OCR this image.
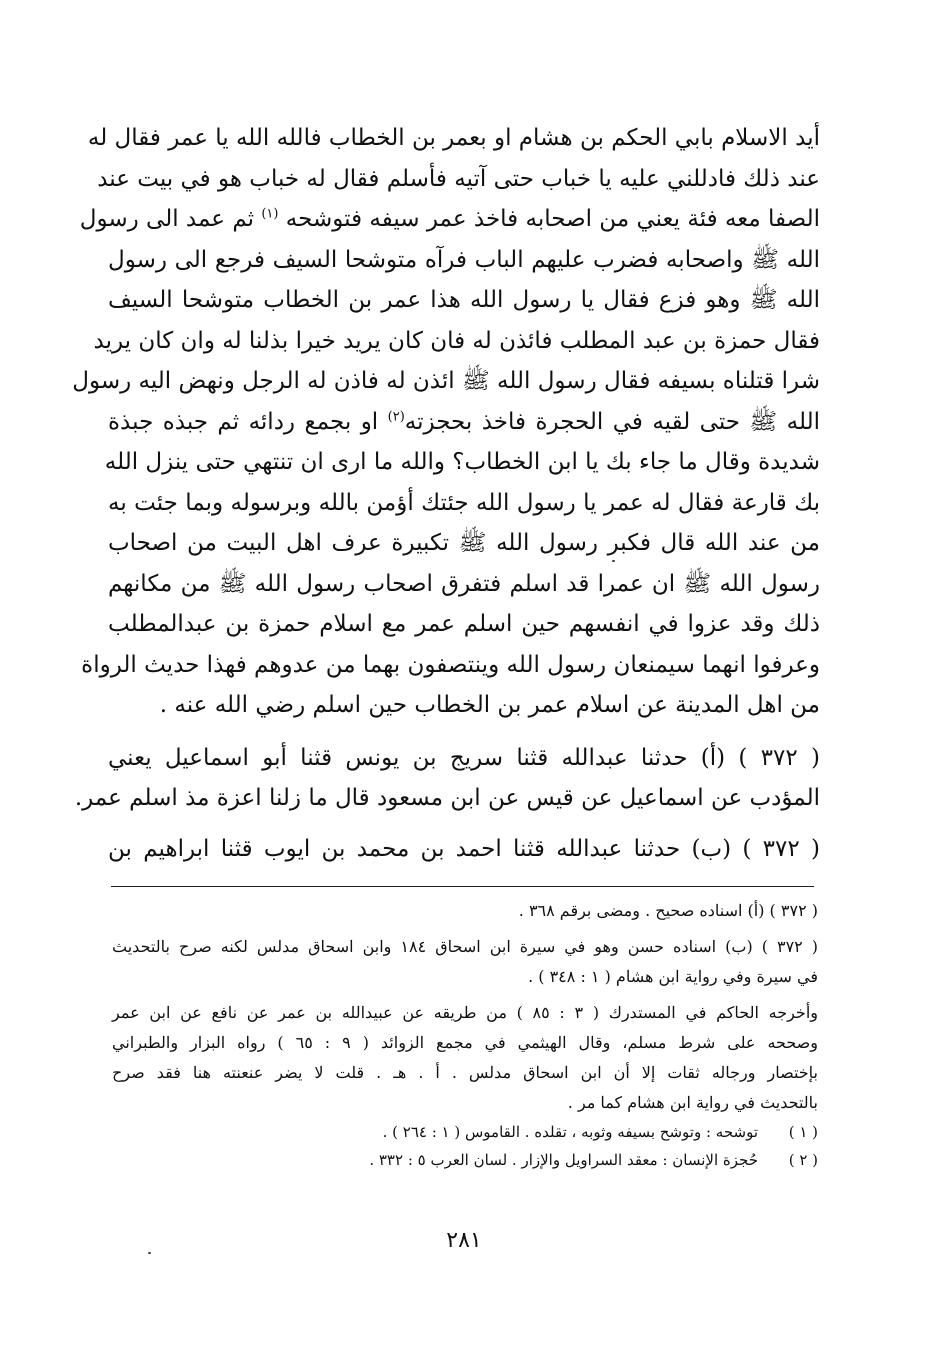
أيد الاسلام بابي الحكم بن هشام او بعمر بن الخطاب فالله الله يا عمر فقال له
عند ذلك فادللني عليه يا خباب حتى آتيه فأسلم فقال له خباب هو في بيت عند
الصفا معه فئة يعني من اصحابه فاخذ عمر سيفه فتوشحه $^{(١)}$ ثم عمد الى رسول
الله ﷺ واصحابه فضرب عليهم الباب فرآه متوشحا السيف فرجع الى رسول
الله ﷺ وهو فزع فقال يا رسول الله هذا عمر بن الخطاب متوشحا السيف
فقال حمزة بن عبد المطلب فائذن له فان كان يريد خيرا بذلنا له وان كان يريد
شرا قتلناه بسيفه فقال رسول الله ﷺ ائذن له فاذن له الرجل ونهض اليه رسول
الله ﷺ حتى لقيه في الحجرة فاخذ بحجزته$^{(٢)}$ او بجمع ردائه ثم جبذه جبذة
شديدة وقال ما جاء بك يا ابن الخطاب؟ والله ما ارى ان تنتهي حتى ينزل الله
بك قارعة فقال له عمر يا رسول الله جئتك أؤمن بالله وبرسوله وبما جئت به
من عند الله قال فكبر رسول الله ﷺ تكبيرة عرف اهل البيت من اصحاب
رسول الله ﷺ ان عمرا قد اسلم فتفرق اصحاب رسول الله ﷺ من مكانهم
ذلك وقد عزوا في انفسهم حين اسلم عمر مع اسلام حمزة بن عبدالمطلب
وعرفوا انهما سيمنعان رسول الله وينتصفون بهما من عدوهم فهذا حديث الرواة
من اهل المدينة عن اسلام عمر بن الخطاب حين اسلم رضي الله عنه .
( ٣٧٢ ) (أ) حدثنا عبدالله قثنا سريج بن يونس قثنا أبو اسماعيل يعني
المؤدب عن اسماعيل عن قيس عن ابن مسعود قال ما زلنا اعزة مذ اسلم عمر.
( ٣٧٢ ) (ب) حدثنا عبدالله قثنا احمد بن محمد بن ايوب قثنا ابراهيم بن
( ٣٧٢ ) (أ) اسناده صحيح . ومضى برقم ٣٦٨ .
( ٣٧٢ ) (ب) اسناده حسن وهو في سيرة ابن اسحاق ١٨٤ وابن اسحاق مدلس لكنه صرح بالتحديث
في سيرة وفي رواية ابن هشام ( ١ : ٣٤٨ ) .
وأخرجه الحاكم في المستدرك ( ٣ : ٨٥ ) من طريقه عن عبيدالله بن عمر عن نافع عن ابن عمر
وصححه على شرط مسلم، وقال الهيثمي في مجمع الزوائد ( ٩ : ٦٥ ) رواه البزار والطبراني
بإختصار ورجاله ثقات إلا أن ابن اسحاق مدلس . أ . هـ . قلت لا يضر عنعنته هنا فقد صرح
بالتحديث في رواية ابن هشام كما مر .
( ١ )توشحه : وتوشح بسيفه وثوبه ، تقلده . القاموس ( ١ : ٢٦٤ ) .
( ٢ )حُجزة الإنسان : معقد السراويل والإزار . لسان العرب ٥ : ٣٣٢ .
٢٨١
